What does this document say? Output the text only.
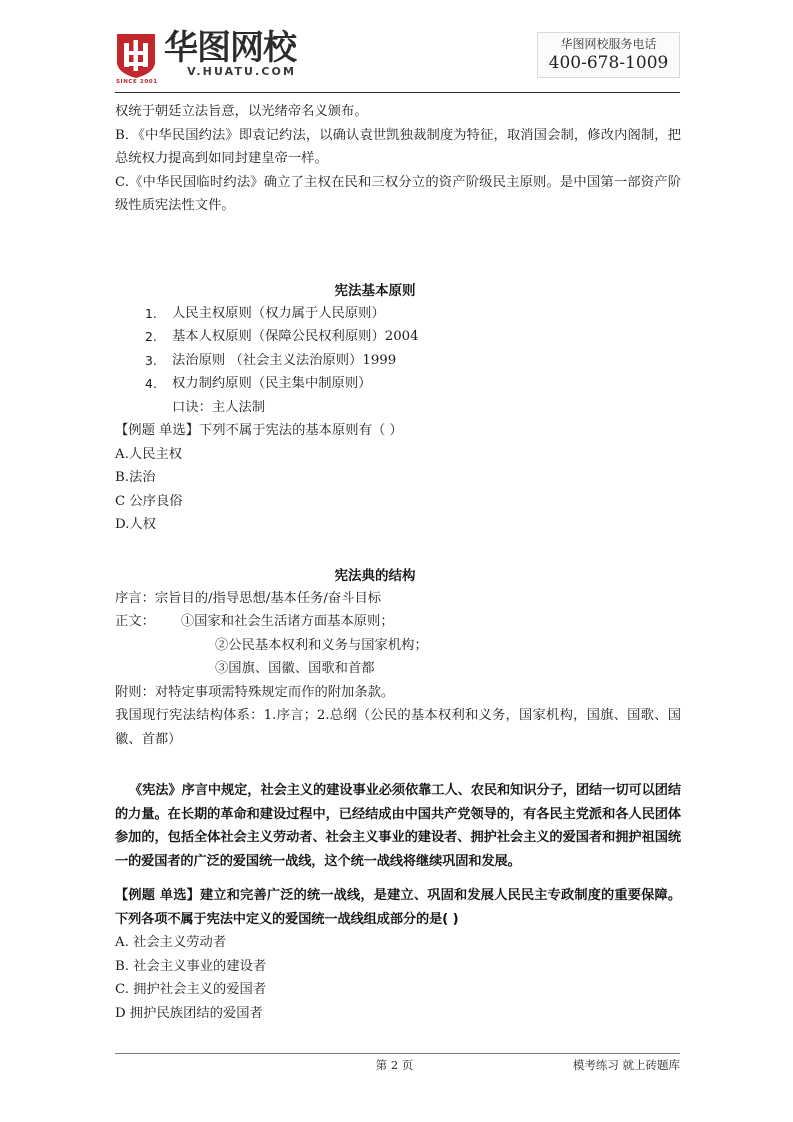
SINCE 2001
华图网校
V.HUATU.COM
华图网校服务电话
400-678-1009

权统于朝廷立法旨意，以光绪帝名义颁布。

B．《中华民国约法》即袁记约法，以确认袁世凯独裁制度为特征，取消国会制，修改内阁制，把总统权力提高到如同封建皇帝一样。

C.《中华民国临时约法》确立了主权在民和三权分立的资产阶级民主原则。是中国第一部资产阶级性质宪法性文件。

宪法基本原则
1. 人民主权原则（权力属于人民原则）
2. 基本人权原则（保障公民权利原则）2004
3. 法治原则 （社会主义法治原则）1999
4. 权力制约原则（民主集中制原则）
口诀：主人法制
【例题 单选】下列不属于宪法的基本原则有（ ）
A.人民主权
B.法治
C 公序良俗
D.人权
宪法典的结构
序言：宗旨目的/指导思想/基本任务/奋斗目标
正文： ①国家和社会生活诸方面基本原则；
②公民基本权利和义务与国家机构；
③国旗、国徽、国歌和首都
附则：对特定事项需特殊规定而作的附加条款。

我国现行宪法结构体系：1.序言；2.总纲（公民的基本权利和义务，国家机构，国旗、国歌、国徽、首都）

《宪法》序言中规定，社会主义的建设事业必须依靠工人、农民和知识分子，团结一切可以团结的力量。在长期的革命和建设过程中，已经结成由中国共产党领导的，有各民主党派和各人民团体参加的，包括全体社会主义劳动者、社会主义事业的建设者、拥护社会主义的爱国者和拥护祖国统一的爱国者的广泛的爱国统一战线，这个统一战线将继续巩固和发展。

【例题 单选】建立和完善广泛的统一战线，是建立、巩固和发展人民民主专政制度的重要保障。下列各项不属于宪法中定义的爱国统一战线组成部分的是( )

A. 社会主义劳动者
B. 社会主义事业的建设者
C. 拥护社会主义的爱国者
D 拥护民族团结的爱国者
第 2 页	模考练习 就上砖题库
